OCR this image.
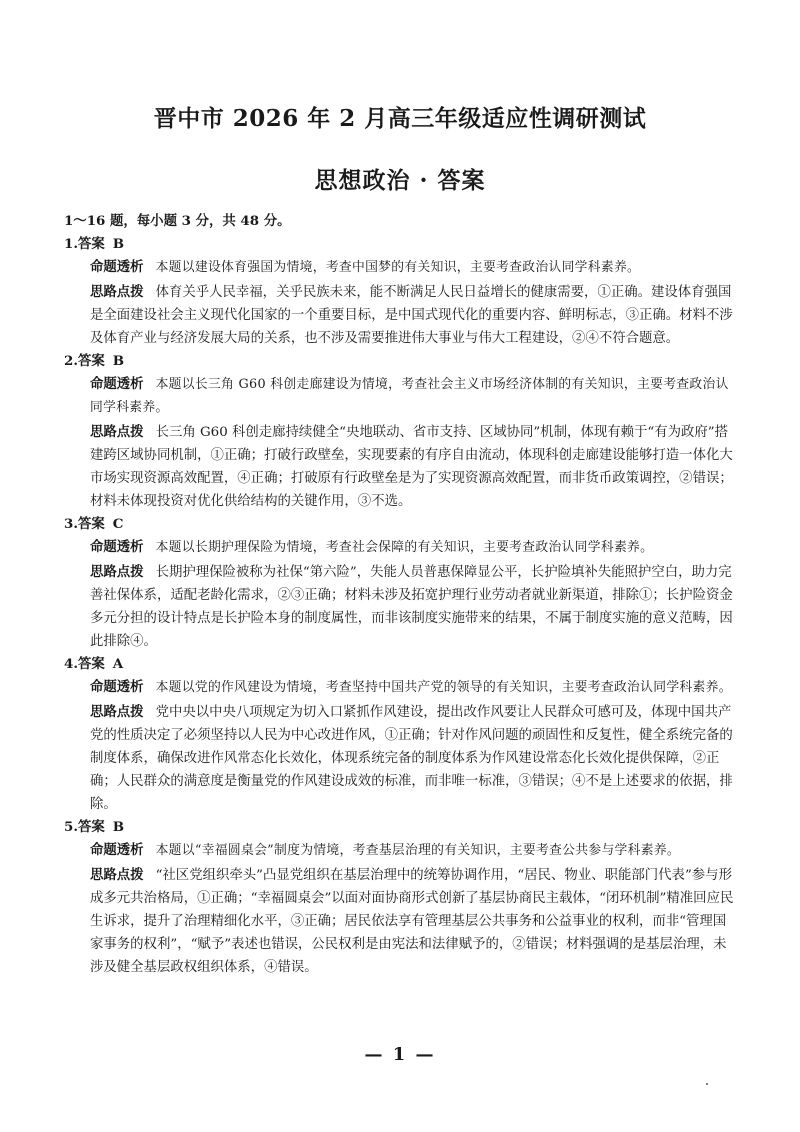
晋中市 2026 年 2 月高三年级适应性调研测试
思想政治 · 答案

1～16 题，每小题 3 分，共 48 分。

1.答案 B

命题透析 本题以建设体育强国为情境，考查中国梦的有关知识，主要考查政治认同学科素养。

思路点拨 体育关乎人民幸福，关乎民族未来，能不断满足人民日益增长的健康需要，①正确。建设体育强国是全面建设社会主义现代化国家的一个重要目标，是中国式现代化的重要内容、鲜明标志，③正确。材料不涉及体育产业与经济发展大局的关系，也不涉及需要推进伟大事业与伟大工程建设，②④不符合题意。

2.答案 B

命题透析 本题以长三角 G60 科创走廊建设为情境，考查社会主义市场经济体制的有关知识，主要考查政治认同学科素养。

思路点拨 长三角 G60 科创走廊持续健全“央地联动、省市支持、区域协同”机制，体现有赖于“有为政府”搭建跨区域协同机制，①正确；打破行政壁垒，实现要素的有序自由流动，体现科创走廊建设能够打造一体化大市场实现资源高效配置，④正确；打破原有行政壁垒是为了实现资源高效配置，而非货币政策调控，②错误；材料未体现投资对优化供给结构的关键作用，③不选。

3.答案 C

命题透析 本题以长期护理保险为情境，考查社会保障的有关知识，主要考查政治认同学科素养。

思路点拨 长期护理保险被称为社保“第六险”，失能人员普惠保障显公平，长护险填补失能照护空白，助力完善社保体系，适配老龄化需求，②③正确；材料未涉及拓宽护理行业劳动者就业新渠道，排除①；长护险资金多元分担的设计特点是长护险本身的制度属性，而非该制度实施带来的结果，不属于制度实施的意义范畴，因此排除④。

4.答案 A

命题透析 本题以党的作风建设为情境，考查坚持中国共产党的领导的有关知识，主要考查政治认同学科素养。

思路点拨 党中央以中央八项规定为切入口紧抓作风建设，提出改作风要让人民群众可感可及，体现中国共产党的性质决定了必须坚持以人民为中心改进作风，①正确；针对作风问题的顽固性和反复性，健全系统完备的制度体系，确保改进作风常态化长效化，体现系统完备的制度体系为作风建设常态化长效化提供保障，②正确；人民群众的满意度是衡量党的作风建设成效的标准，而非唯一标准，③错误；④不是上述要求的依据，排除。

5.答案 B

命题透析 本题以“幸福圆桌会”制度为情境，考查基层治理的有关知识，主要考查公共参与学科素养。

思路点拨 “社区党组织牵头”凸显党组织在基层治理中的统筹协调作用，“居民、物业、职能部门代表”参与形成多元共治格局，①正确；“幸福圆桌会”以面对面协商形式创新了基层协商民主载体，“闭环机制”精准回应民生诉求，提升了治理精细化水平，③正确；居民依法享有管理基层公共事务和公益事业的权利，而非“管理国家事务的权利”，“赋予”表述也错误，公民权利是由宪法和法律赋予的，②错误；材料强调的是基层治理，未涉及健全基层政权组织体系，④错误。

— 1 —
